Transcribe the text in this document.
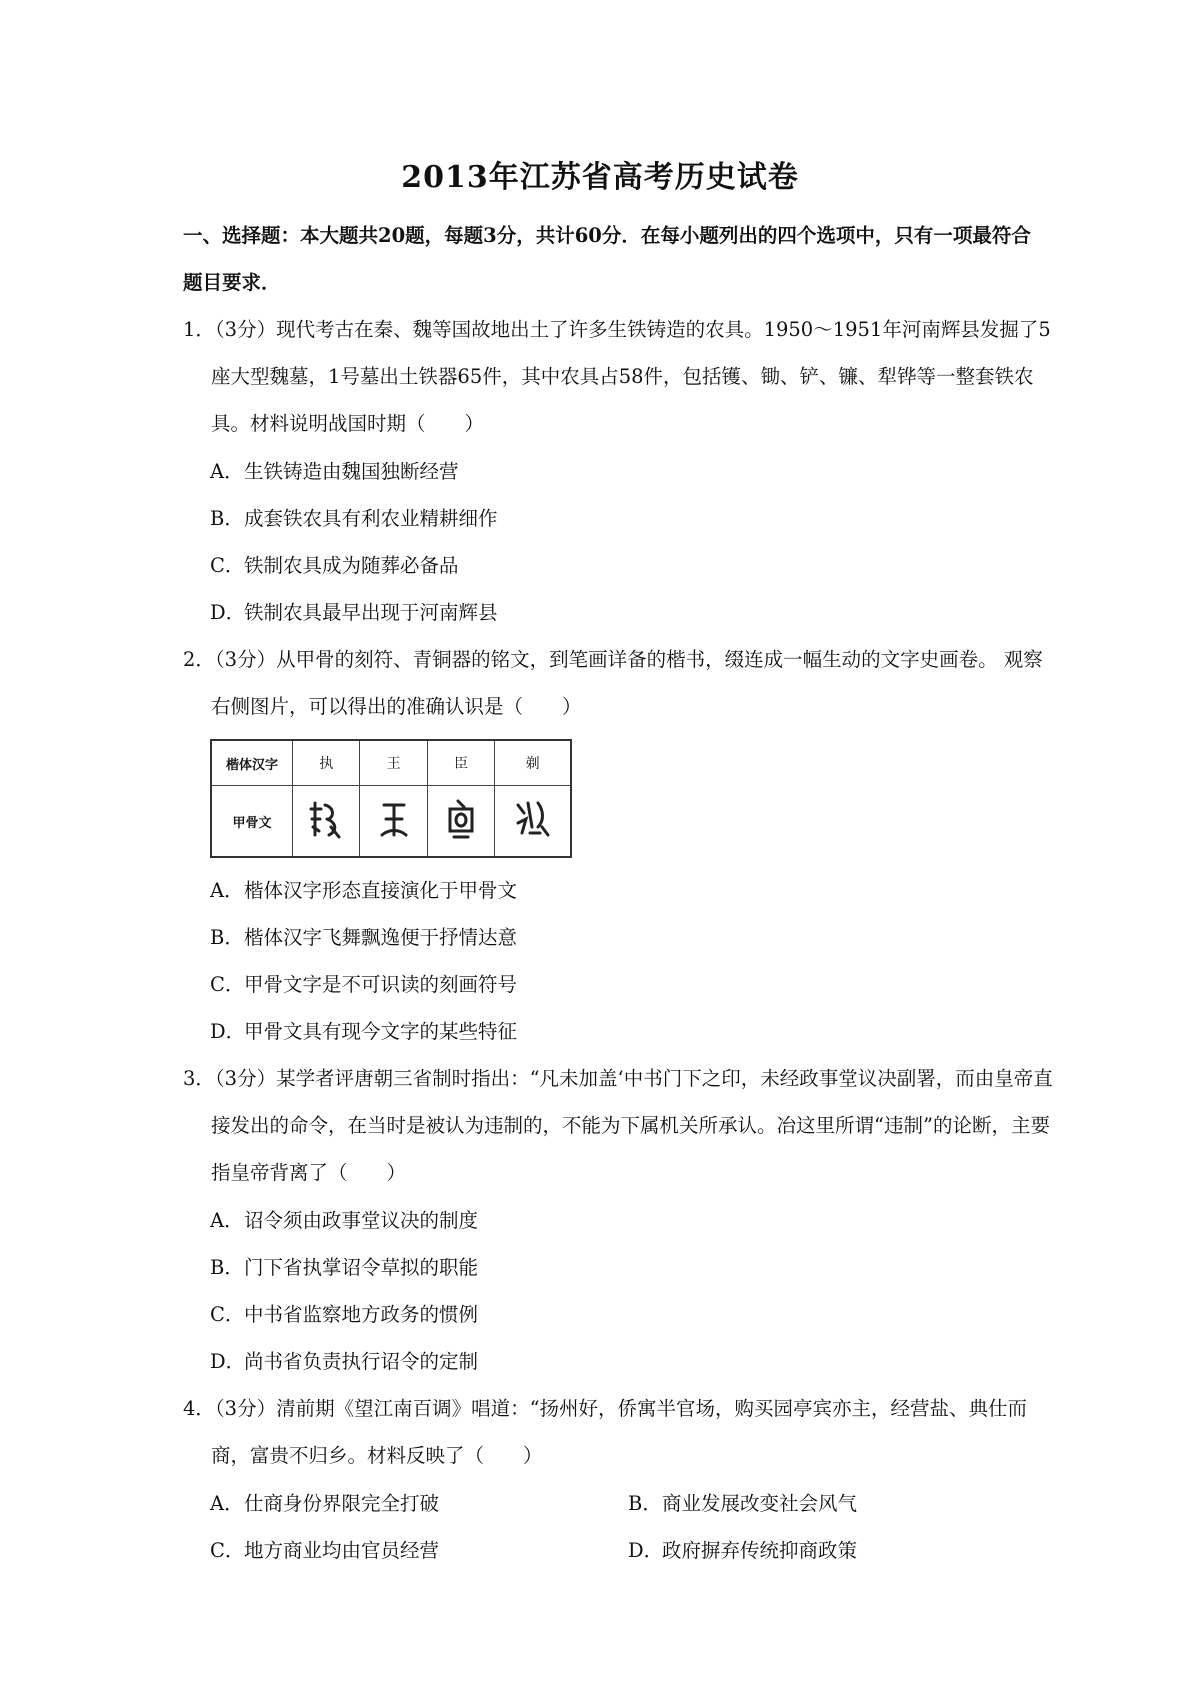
2013年江苏省高考历史试卷
一、选择题：本大题共20题，每题3分，共计60分．在每小题列出的四个选项中，只有一项最符合题目要求．
1．（3分）现代考古在秦、魏等国故地出土了许多生铁铸造的农具。1950～1951年河南辉县发掘了5座大型魏墓，1号墓出土铁器65件，其中农具占58件，包括镬、锄、铲、镰、犁铧等一整套铁农具。材料说明战国时期（　　）
A．生铁铸造由魏国独断经营
B．成套铁农具有利农业精耕细作
C．铁制农具成为随葬必备品
D．铁制农具最早出现于河南辉县
2．（3分）从甲骨的刻符、青铜器的铭文，到笔画详备的楷书，缀连成一幅生动的文字史画卷。 观察右侧图片，可以得出的准确认识是（　　）
楷体汉字	执	王	臣	剃
甲骨文				
A．楷体汉字形态直接演化于甲骨文
B．楷体汉字飞舞飘逸便于抒情达意
C．甲骨文字是不可识读的刻画符号
D．甲骨文具有现今文字的某些特征
3．（3分）某学者评唐朝三省制时指出：“凡未加盖‘中书门下之印，未经政事堂议决副署，而由皇帝直接发出的命令，在当时是被认为违制的，不能为下属机关所承认。冶这里所谓“违制”的论断，主要指皇帝背离了（　　）
A．诏令须由政事堂议决的制度
B．门下省执掌诏令草拟的职能
C．中书省监察地方政务的惯例
D．尚书省负责执行诏令的定制
4．（3分）清前期《望江南百调》唱道：“扬州好，侨寓半官场，购买园亭宾亦主，经营盐、典仕而商，富贵不归乡。材料反映了（　　）
A．仕商身份界限完全打破	B．商业发展改变社会风气
C．地方商业均由官员经营	D．政府摒弃传统抑商政策
